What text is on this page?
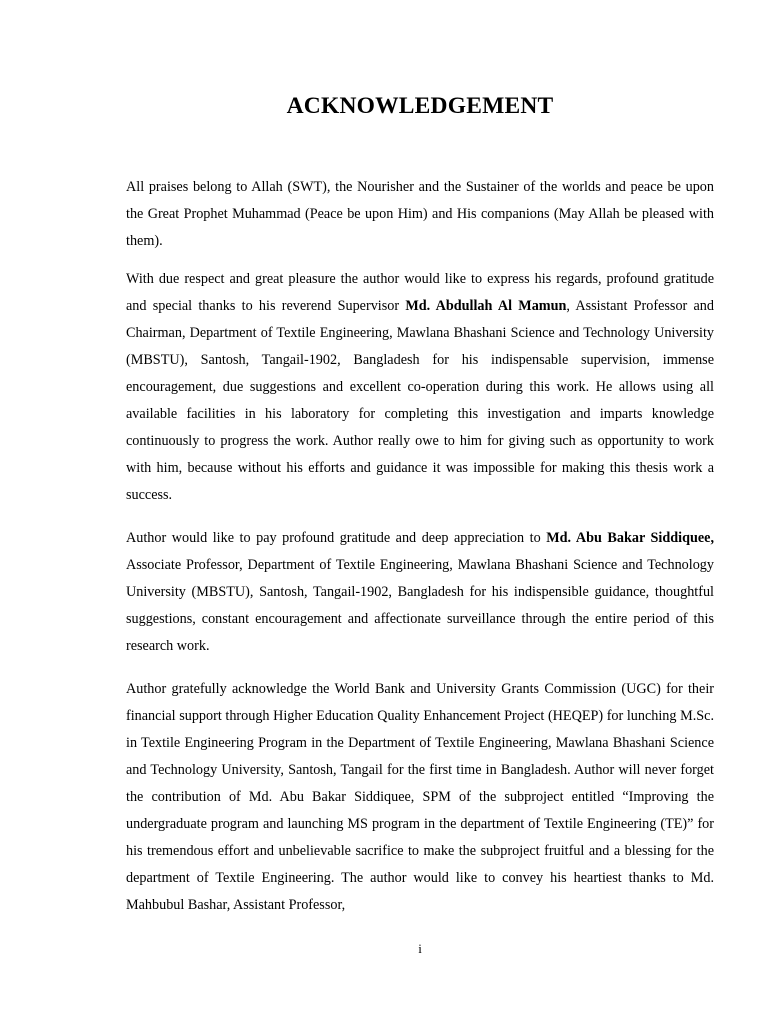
ACKNOWLEDGEMENT

All praises belong to Allah (SWT), the Nourisher and the Sustainer of the worlds and peace be upon the Great Prophet Muhammad (Peace be upon Him) and His companions (May Allah be pleased with them).

With due respect and great pleasure the author would like to express his regards, profound gratitude and special thanks to his reverend Supervisor Md. Abdullah Al Mamun, Assistant Professor and Chairman, Department of Textile Engineering, Mawlana Bhashani Science and Technology University (MBSTU), Santosh, Tangail-1902, Bangladesh for his indispensable supervision, immense encouragement, due suggestions and excellent co-operation during this work. He allows using all available facilities in his laboratory for completing this investigation and imparts knowledge continuously to progress the work. Author really owe to him for giving such as opportunity to work with him, because without his efforts and guidance it was impossible for making this thesis work a success.

Author would like to pay profound gratitude and deep appreciation to Md. Abu Bakar Siddiquee, Associate Professor, Department of Textile Engineering, Mawlana Bhashani Science and Technology University (MBSTU), Santosh, Tangail-1902, Bangladesh for his indispensible guidance, thoughtful suggestions, constant encouragement and affectionate surveillance through the entire period of this research work.

Author gratefully acknowledge the World Bank and University Grants Commission (UGC) for their financial support through Higher Education Quality Enhancement Project (HEQEP) for lunching M.Sc. in Textile Engineering Program in the Department of Textile Engineering, Mawlana Bhashani Science and Technology University, Santosh, Tangail for the first time in Bangladesh. Author will never forget the contribution of Md. Abu Bakar Siddiquee, SPM of the subproject entitled “Improving the undergraduate program and launching MS program in the department of Textile Engineering (TE)” for his tremendous effort and unbelievable sacrifice to make the subproject fruitful and a blessing for the department of Textile Engineering. The author would like to convey his heartiest thanks to Md. Mahbubul Bashar, Assistant Professor,

i
